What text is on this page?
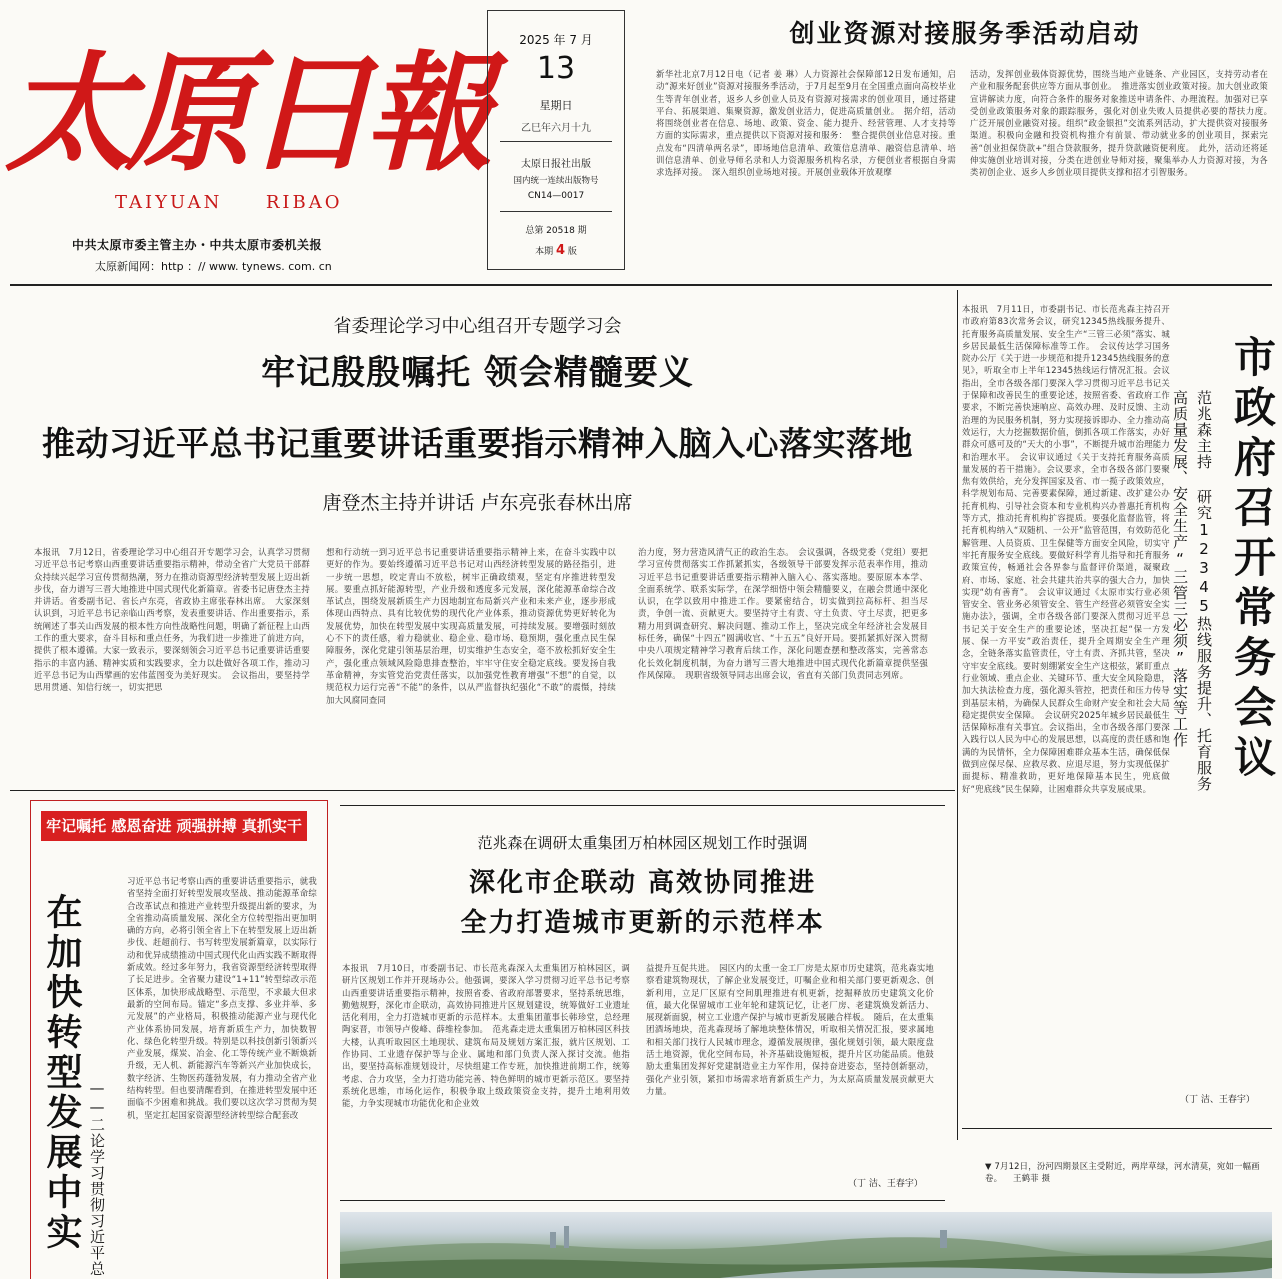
太原日報
TAIYUAN RIBAO
中共太原市委主管主办・中共太原市委机关报
太原新闻网：http ：// www. tynews. com. cn
2025 年 7 月
13
星期日
乙巳年六月十九
太原日报社出版
国内统一连续出版物号
CN14—0017
总第 20518 期
本期 4 版
创业资源对接服务季活动启动
新华社北京7月12日电（记者 姜 琳）人力资源社会保障部12日发布通知，启动“源来好创业”资源对接服务季活动，于7月起至9月在全国重点面向高校毕业生等青年创业者，返乡人乡创业人员及有资源对接需求的创业项目，通过搭建平台、拓展渠道、集聚资源，激发创业活力，促进高质量创业。　据介绍，活动将围绕创业者在信息、场地、政策、资金、能力提升、经营管理、人才支持等方面的实际需求，重点提供以下资源对接和服务：　整合提供创业信息对接。重点发布“四清单两名录”，即场地信息清单、政策信息清单、融资信息清单、培训信息清单、创业导师名录和人力资源服务机构名录，方便创业者根据自身需求选择对接。　深入组织创业场地对接。开展创业载体开放观摩
活动，发挥创业载体资源优势，围绕当地产业链条、产业园区，支持劳动者在产业和服务配套供应等方面从事创业。　推进落实创业政策对接。加大创业政策宣讲解读力度，向符合条件的服务对象推送申请条件、办理流程。加强对已享受创业政策服务对象的跟踪服务，强化对创业失败人员提供必要的帮扶力度。　广泛开展创业融资对接。组织“政金银担”交流系列活动，扩大提供资对接服务渠道。积极向金融和投资机构推介有前景、带动就业多的创业项目，探索完善“创业担保贷款+”组合贷款服务，提升贷款融资便利度。　此外，活动还将延伸实施创业培训对接，分类在进创业导师对接，聚集举办人力资源对接，为各类初创企业、返乡人乡创业项目提供支撑和招才引智服务。
省委理论学习中心组召开专题学习会
牢记殷殷嘱托 领会精髓要义
推动习近平总书记重要讲话重要指示精神入脑入心落实落地
唐登杰主持并讲话 卢东亮张春林出席
本报讯　7月12日，省委理论学习中心组召开专题学习会，认真学习贯彻习近平总书记考察山西重要讲话重要指示精神，带动全省广大党员干部群众持续兴起学习宣传贯彻热潮，努力在推动资源型经济转型发展上迈出新步伐，奋力谱写三晋大地推进中国式现代化新篇章。省委书记唐登杰主持并讲话。省委副书记、省长卢东亮，省政协主席张春林出席。　大家深刻认识到，习近平总书记亲临山西考察，发表重要讲话、作出重要指示，系统阐述了事关山西发展的根本性方向性战略性问题，明确了新征程上山西工作的重大要求，奋斗目标和重点任务，为我们进一步推进了前进方向，提供了根本遵循。大家一致表示，要深刻领会习近平总书记重要讲话重要指示的丰富内涵、精神实质和实践要求，全力以赴做好各项工作，推动习近平总书记为山西擘画的宏伟蓝图变为美好现实。　会议指出，要坚持学思用贯通、知信行统一，切实把思
想和行动统一到习近平总书记重要讲话重要指示精神上来，在奋斗实践中以更好的作为。要始终遵循习近平总书记对山西经济转型发展的路径指引，进一步统一思想，咬定青山不放松，树牢正确政绩观，坚定有序推进转型发展。要重点抓好能源转型，产业升级和透度多元发展，深化能源革命综合改革试点，围绕发展新质生产力因地制宜布局新兴产业和未来产业，逐步形成体现山西特点、具有比较优势的现代化产业体系，推动资源优势更好转化为发展优势，加快在转型发展中实现高质量发展，可持续发展。要增强时刻放心不下的责任感，着力稳就业、稳企业、稳市场、稳预期，强化重点民生保障服务，深化党建引领基层治理，切实维护生态安全，毫不放松抓好安全生产，强化重点领域风险隐患排查整治，牢牢守住安全稳定底线。要发扬自我革命精神，夯实管党治党责任落实，以加强党性教育增强“不想”的自觉，以规范权力运行完善“不能”的条件，以从严监督执纪强化“不敢”的震慑，持续加大风腐同查同
治力度，努力营造风清气正的政治生态。　会议强调，各级党委（党组）要把学习宣传贯彻落实工作抓紧抓实，各级领导干部要发挥示范表率作用，推动习近平总书记重要讲话重要指示精神入脑入心、落实落地。要原原本本学、全面系统学、联系实际学，在深学细悟中领会精髓要义，在融会贯通中深化认识，在学以致用中推进工作。要紧密结合，切实做到拉高标杆、担当尽责，争创一流、贡献更大。要坚持守土有责、守土负责、守土尽责，把更多精力用到调查研究、解决问题、推动工作上，坚决完成全年经济社会发展目标任务，确保“十四五”圆满收官、“十五五”良好开局。要抓紧抓好深入贯彻中央八项规定精神学习教育后续工作，深化问题查摆和整改落实，完善常态化长效化制度机制，为奋力谱写三晋大地推进中国式现代化新篇章提供坚强作风保障。　现职省级领导同志出席会议，省直有关部门负责同志列席。
本报讯　7月11日，市委副书记、市长范兆森主持召开市政府第83次常务会议，研究12345热线服务提升、托育服务高质量发展、安全生产“三管三必须”落实、城乡居民最低生活保障标准等工作。　会议传达学习国务院办公厅《关于进一步规范和提升12345热线服务的意见》，听取全市上半年12345热线运行情况汇报。会议指出，全市各级各部门要深入学习贯彻习近平总书记关于保障和改善民生的重要论述，按照省委、省政府工作要求，不断完善快速响应、高效办理、及时反馈、主动治理的为民服务机制，努力实现接诉即办、全力推动高效运行，大力挖掘数据价值，倒抓各项工作落实，办好群众可感可及的“天大的小事”，不断提升城市治理能力和治理水平。　会议审议通过《关于支持托育服务高质量发展的若干措施》。会议要求，全市各级各部门要聚焦有效供给，充分发挥国家及省、市一揽子政策效应，科学规划布局、完善要素保障，通过新建、改扩建公办托育机构、引导社会资本和专业机构兴办普惠托育机构等方式，推动托育机构扩容提质。要强化监督监管，将托育机构纳入“双随机、一公开”监管范围，有效防范化解管理、人员资质、卫生保健等方面安全风险，切实守牢托育服务安全底线。要做好科学育儿指导和托育服务政策宣传，畅通社会各界参与监督评价渠道，凝聚政府、市场、家庭、社会共建共治共享的强大合力，加快实现“幼有善育”。　会议审议通过《太原市实行业必须管安全、管业务必须管安全、管生产经营必须管安全实施办法》，强调，全市各级各部门要深入贯彻习近平总书记关于安全生产的重要论述，坚决扛起“保一方发展、保一方平安”政治责任，提升全周期安全生产理念，全链条落实监管责任，守土有责、齐抓共管，坚决守牢安全底线。要时刻绷紧安全生产这根弦，紧盯重点行业领域、重点企业、关键环节、重大安全风险隐患，加大执法检查力度，强化源头管控，把责任和压力传导到基层末梢，为确保人民群众生命财产安全和社会大局稳定提供安全保障。　会议研究2025年城乡居民最低生活保障标准有关事宜。会议指出，全市各级各部门要深入践行以人民为中心的发展思想，以高度的责任感和饱满的为民情怀，全力保障困难群众基本生活，确保低保做到应保尽保、应救尽救、应退尽退，努力实现低保扩面提标、精准救助，更好地保障基本民生，兜底做好“兜底线”民生保障，让困难群众共享发展成果。
市政府召开常务会议
范兆森主持 研究12345热线服务提升、托育服务
高质量发展、安全生产“三管三必须”落实等工作
（丁 洁、王春宇）
牢记嘱托 感恩奋进 顽强拼搏 真抓实干
在加快转型发展中实 ——二论学习贯彻习近平总
习近平总书记考察山西的重要讲话重要指示，就我省坚持全面打好转型发展攻坚战、推动能源革命综合改革试点和推进产业转型升级提出新的要求，为全省推动高质量发展、深化全方位转型指出更加明确的方向，必将引领全省上下在转型发展上迈出新步伐、赶超前行、书写转型发展新篇章，以实际行动和优异成绩推动中国式现代化山西实践不断取得新成效。经过多年努力，我省资源型经济转型取得了长足进步。全省聚力建设“1+11”转型综改示范区体系，加快形成战略型、示范型，不求最大但求最新的空间布局。锚定“多点支撑、多业并举、多元发展”的产业格局，积极推动能源产业与现代化产业体系协同发展，培育新质生产力，加快数智化、绿色化转型升级。特别是以科技创新引领新兴产业发展，煤炭、冶金、化工等传统产业不断焕新升级，无人机、新能源汽车等新兴产业加快成长，数字经济、生物医药蓬勃发展，有力推动全省产业结构转型。但也要清醒看到，在推进转型发展中还面临不少困难和挑战。我们要以这次学习贯彻为契机，坚定扛起国家资源型经济转型综合配套改
范兆森在调研太重集团万柏林园区规划工作时强调
深化市企联动 高效协同推进
全力打造城市更新的示范样本
本报讯　7月10日，市委副书记、市长范兆森深入太重集团万柏林园区，调研片区规划工作并开现场办公。他强调，要深入学习贯彻习近平总书记考察山西重要讲话重要指示精神，按照省委、省政府部署要求，坚持系统思维，勤勉规野，深化市企联动，高效协同推进片区规划建设，统筹做好工业遗址活化利用，全力打造城市更新的示范样本。太重集团董事长韩珍堂，总经理陶家晋，市领导卢俊峰、薛维栓参加。　范兆森走进太重集团万柏林园区科技大楼，认真听取园区土地现状、建筑布局及规划方案汇报，就片区规划、工作协同、工业遗存保护等与企业、属地和部门负责人深入探讨交流。他指出，要坚持高标准规划设计，尽快组建工作专班，加快推进前期工作，统筹考虑、合力攻坚，全力打造功能完善、特色鲜明的城市更新示范区。要坚持系统化思维，市场化运作，积极争取上级政策资金支持，提升土地利用效能，力争实现城市功能优化和企业效
益提升互促共进。　园区内的太重一金工厂房是太原市历史建筑，范兆森实地察看建筑物现状，了解企业发展变迁，叮嘱企业和相关部门要更新观念、创新利用，立足厂区原有空间肌理推进有机更新，挖掘释放历史建筑文化价值，最大化保留城市工业年轮和建筑记忆，让老厂房、老建筑焕发新活力、展现新面貌，树立工业遗产保护与城市更新发展融合样板。　随后，在太重集团酒场地块，范兆森现场了解地块整体情况，听取相关情况汇报，要求属地和相关部门找行人民城市理念，遵循发展规律，强化规划引领，最大限度盘活土地资源，优化空间布局，补齐基础设施短板，提升片区功能品质。他鼓励太重集团发挥好党建制造业主力军作用，保持奋进姿态，坚持创新驱动，强化产业引领，紧扣市场需求培育新质生产力，为太原高质量发展贡献更大力量。
（丁 洁、王春宇）
▼ 7月12日，汾河四期景区主受附近，两岸草绿，河水清莫，宛如一幅画卷。 王鹤菲 摄
